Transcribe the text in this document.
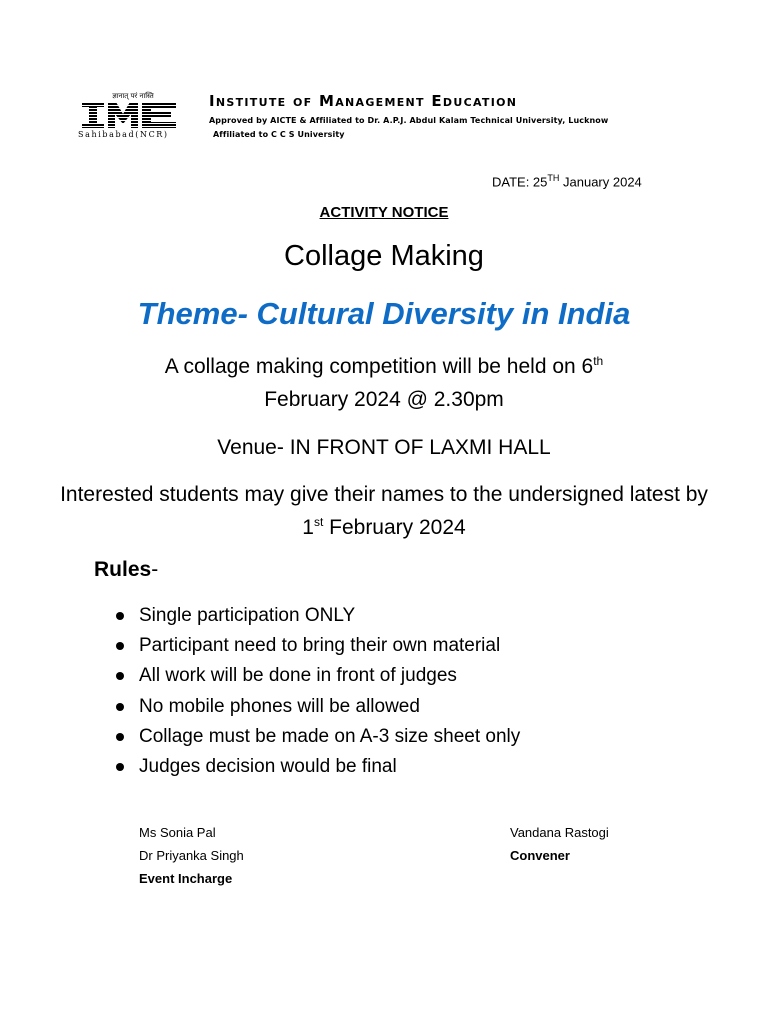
ज्ञानात् परं नास्ति
Sahibabad(NCR)
Institute of Management Education
Approved by AICTE & Affiliated to Dr. A.P.J. Abdul Kalam Technical University, Lucknow
Affiliated to C C S University
DATE: 25TH January 2024
ACTIVITY NOTICE
Collage Making
Theme- Cultural Diversity in India
A collage making competition will be held on 6th
February 2024 @ 2.30pm
Venue- IN FRONT OF LAXMI HALL
Interested students may give their names to the undersigned latest by 1st February 2024
Rules-
Single participation ONLY
Participant need to bring their own material
All work will be done in front of judges
No mobile phones will be allowed
Collage must be made on A-3 size sheet only
Judges decision would be final
Ms Sonia Pal
Dr Priyanka Singh
Event Incharge
Vandana Rastogi
Convener
